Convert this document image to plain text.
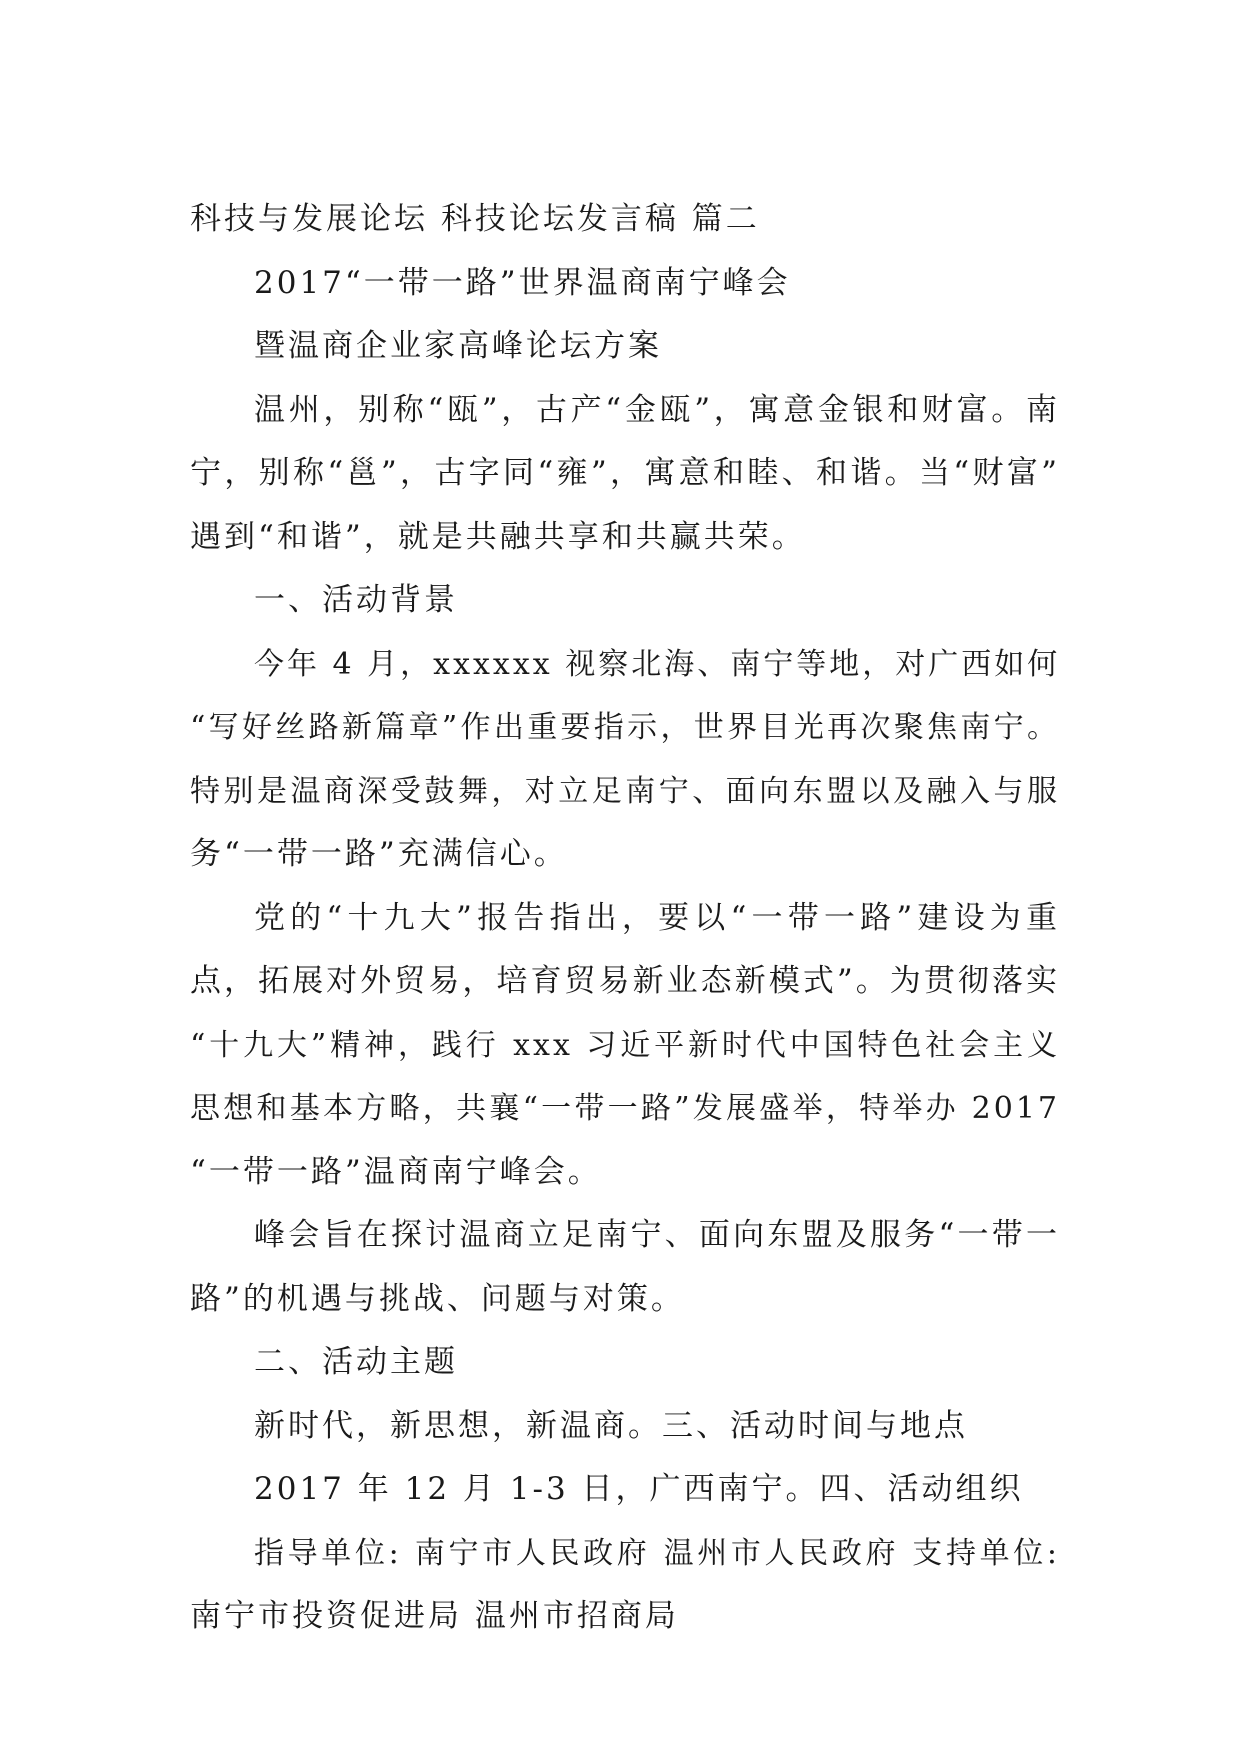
科技与发展论坛 科技论坛发言稿 篇二
2017“一带一路”世界温商南宁峰会
暨温商企业家高峰论坛方案
温州，别称“瓯”，古产“金瓯”，寓意金银和财富。南
宁，别称“邕”，古字同“雍”，寓意和睦、和谐。当“财富”
遇到“和谐”，就是共融共享和共赢共荣。
一、活动背景
今年 4 月，xxxxxx 视察北海、南宁等地，对广西如何
“写好丝路新篇章”作出重要指示，世界目光再次聚焦南宁。
特别是温商深受鼓舞，对立足南宁、面向东盟以及融入与服
务“一带一路”充满信心。
党的“十九大”报告指出，要以“一带一路”建设为重
点，拓展对外贸易，培育贸易新业态新模式”。为贯彻落实
“十九大”精神，践行 xxx 习近平新时代中国特色社会主义
思想和基本方略，共襄“一带一路”发展盛举，特举办 2017
“一带一路”温商南宁峰会。
峰会旨在探讨温商立足南宁、面向东盟及服务“一带一
路”的机遇与挑战、问题与对策。
二、活动主题
新时代，新思想，新温商。三、活动时间与地点
2017 年 12 月 1-3 日，广西南宁。四、活动组织
指导单位: 南宁市人民政府 温州市人民政府 支持单位:
南宁市投资促进局 温州市招商局
